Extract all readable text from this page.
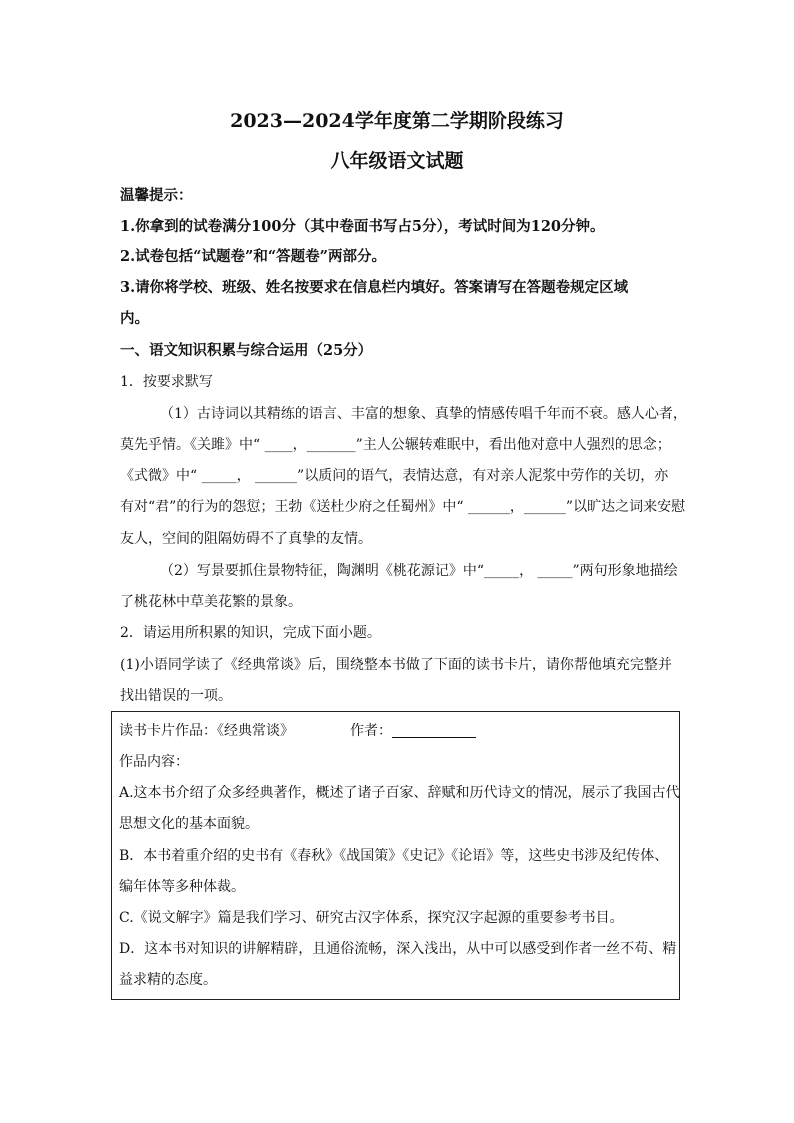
2023—2024学年度第二学期阶段练习
八年级语文试题
温馨提示：
1.你拿到的试卷满分100分（其中卷面书写占5分），考试时间为120分钟。
2.试卷包括“试题卷”和“答题卷”两部分。
3.请你将学校、班级、姓名按要求在信息栏内填好。答案请写在答题卷规定区域
内。
一、语文知识积累与综合运用（25分）
1．按要求默写
（1）古诗词以其精练的语言、丰富的想象、真挚的情感传唱千年而不衰。感人心者，
莫先乎情。《关雎》中“ ____，_______”主人公辗转难眠中，看出他对意中人强烈的思念；
《式微》中“ _____， ______”以质问的语气，表情达意，有对亲人泥浆中劳作的关切，亦
有对“君”的行为的怨愆；王勃《送杜少府之任蜀州》中“ ______，______”以旷达之词来安慰
友人，空间的阻隔妨碍不了真挚的友情。
（2）写景要抓住景物特征，陶渊明《桃花源记》中“_____， _____”两句形象地描绘
了桃花林中草美花繁的景象。
2．请运用所积累的知识，完成下面小题。
(1)小语同学读了《经典常谈》后，围绕整本书做了下面的读书卡片，请你帮他填充完整并
找出错误的一项。
读书卡片作品：《经典常谈》	作者：
作品内容：
A.这本书介绍了众多经典著作，概述了诸子百家、辞赋和历代诗文的情况，展示了我国古代
思想文化的基本面貌。
B．本书着重介绍的史书有《春秋》《战国策》《史记》《论语》等，这些史书涉及纪传体、
编年体等多种体裁。
C.《说文解字》篇是我们学习、研究古汉字体系，探究汉字起源的重要参考书目。
D．这本书对知识的讲解精辟，且通俗流畅，深入浅出，从中可以感受到作者一丝不苟、精
益求精的态度。
